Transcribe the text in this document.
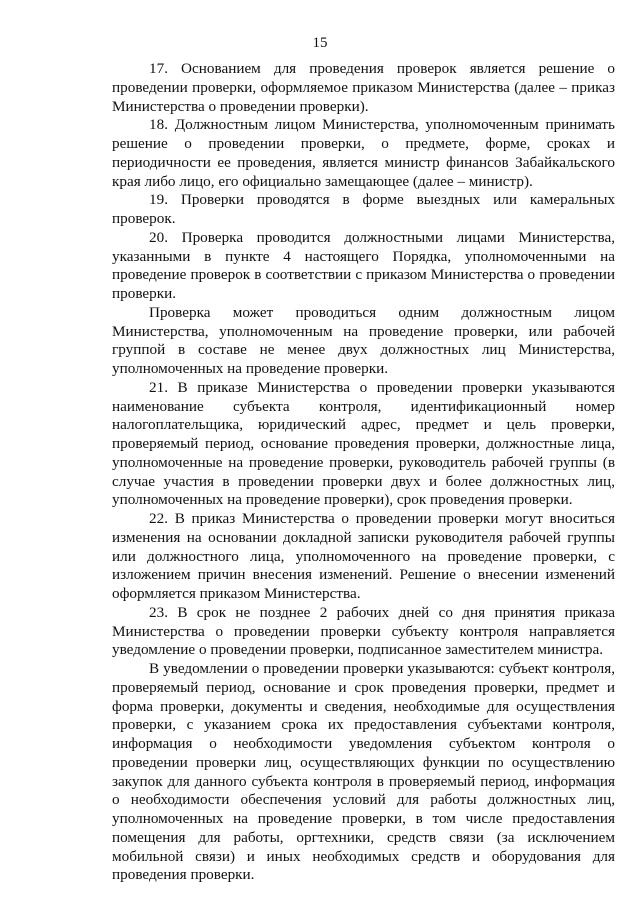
15

17. Основанием для проведения проверок является решение о проведении проверки, оформляемое приказом Министерства (далее – приказ Министерства о проведении проверки).

18. Должностным лицом Министерства, уполномоченным принимать решение о проведении проверки, о предмете, форме, сроках и периодичности ее проведения, является министр финансов Забайкальского края либо лицо, его официально замещающее (далее – министр).

19. Проверки проводятся в форме выездных или камеральных проверок.

20. Проверка проводится должностными лицами Министерства, указанными в пункте 4 настоящего Порядка, уполномоченными на проведение проверок в соответствии с приказом Министерства о проведении проверки.

Проверка может проводиться одним должностным лицом Министерства, уполномоченным на проведение проверки, или рабочей группой в составе не менее двух должностных лиц Министерства, уполномоченных на проведение проверки.

21. В приказе Министерства о проведении проверки указываются наименование субъекта контроля, идентификационный номер налогоплательщика, юридический адрес, предмет и цель проверки, проверяемый период, основание проведения проверки, должностные лица, уполномоченные на проведение проверки, руководитель рабочей группы (в случае участия в проведении проверки двух и более должностных лиц, уполномоченных на проведение проверки), срок проведения проверки.

22. В приказ Министерства о проведении проверки могут вноситься изменения на основании докладной записки руководителя рабочей группы или должностного лица, уполномоченного на проведение проверки, с изложением причин внесения изменений. Решение о внесении изменений оформляется приказом Министерства.

23. В срок не позднее 2 рабочих дней со дня принятия приказа Министерства о проведении проверки субъекту контроля направляется уведомление о проведении проверки, подписанное заместителем министра.

В уведомлении о проведении проверки указываются: субъект контроля, проверяемый период, основание и срок проведения проверки, предмет и форма проверки, документы и сведения, необходимые для осуществления проверки, с указанием срока их предоставления субъектами контроля, информация о необходимости уведомления субъектом контроля о проведении проверки лиц, осуществляющих функции по осуществлению закупок для данного субъекта контроля в проверяемый период, информация о необходимости обеспечения условий для работы должностных лиц, уполномоченных на проведение проверки, в том числе предоставления помещения для работы, оргтехники, средств связи (за исключением мобильной связи) и иных необходимых средств и оборудования для проведения проверки.
